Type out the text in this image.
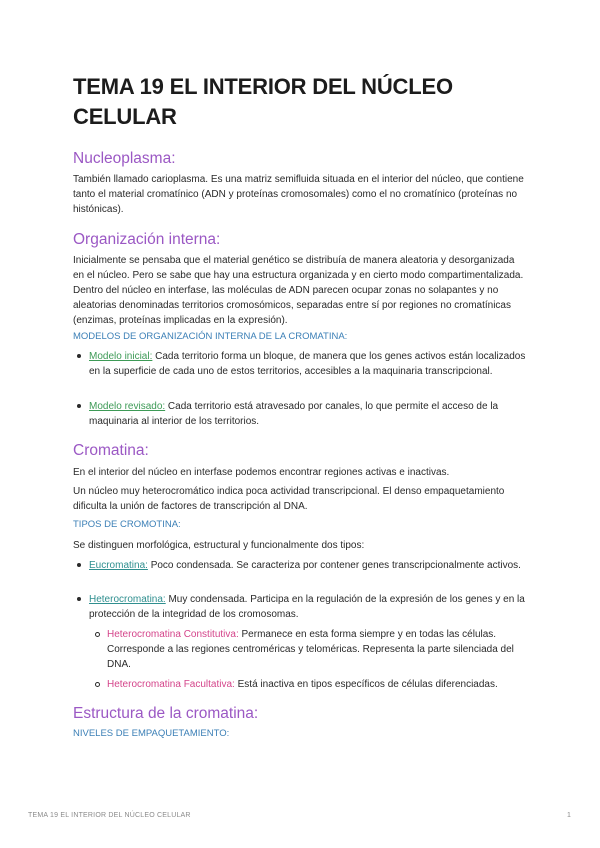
TEMA 19 EL INTERIOR DEL NÚCLEO CELULAR
Nucleoplasma:

También llamado carioplasma. Es una matriz semifluida situada en el interior del núcleo, que contiene tanto el material cromatínico (ADN y proteínas cromosomales) como el no cromatínico (proteínas no histónicas).

Organización interna:

Inicialmente se pensaba que el material genético se distribuía de manera aleatoria y desorganizada en el núcleo. Pero se sabe que hay una estructura organizada y en cierto modo compartimentalizada. Dentro del núcleo en interfase, las moléculas de ADN parecen ocupar zonas no solapantes y no aleatorias denominadas territorios cromosómicos, separadas entre sí por regiones no cromatínicas (enzimas, proteínas implicadas en la expresión).

MODELOS DE ORGANIZACIÓN INTERNA DE LA CROMATINA:

Modelo inicial: Cada territorio forma un bloque, de manera que los genes activos están localizados en la superficie de cada uno de estos territorios, accesibles a la maquinaria transcripcional.

Modelo revisado: Cada territorio está atravesado por canales, lo que permite el acceso de la maquinaria al interior de los territorios.

Cromatina:

En el interior del núcleo en interfase podemos encontrar regiones activas e inactivas.

Un núcleo muy heterocromático indica poca actividad transcripcional. El denso empaquetamiento dificulta la unión de factores de transcripción al DNA.

TIPOS DE CROMOTINA:

Se distinguen morfológica, estructural y funcionalmente dos tipos:

Eucromatina: Poco condensada. Se caracteriza por contener genes transcripcionalmente activos.

Heterocromatina: Muy condensada. Participa en la regulación de la expresión de los genes y en la protección de la integridad de los cromosomas.

Heterocromatina Constitutiva: Permanece en esta forma siempre y en todas las células. Corresponde a las regiones centroméricas y teloméricas. Representa la parte silenciada del DNA.

Heterocromatina Facultativa: Está inactiva en tipos específicos de células diferenciadas.

Estructura de la cromatina:

NIVELES DE EMPAQUETAMIENTO:

TEMA 19 EL INTERIOR DEL NÚCLEO CELULAR	1
